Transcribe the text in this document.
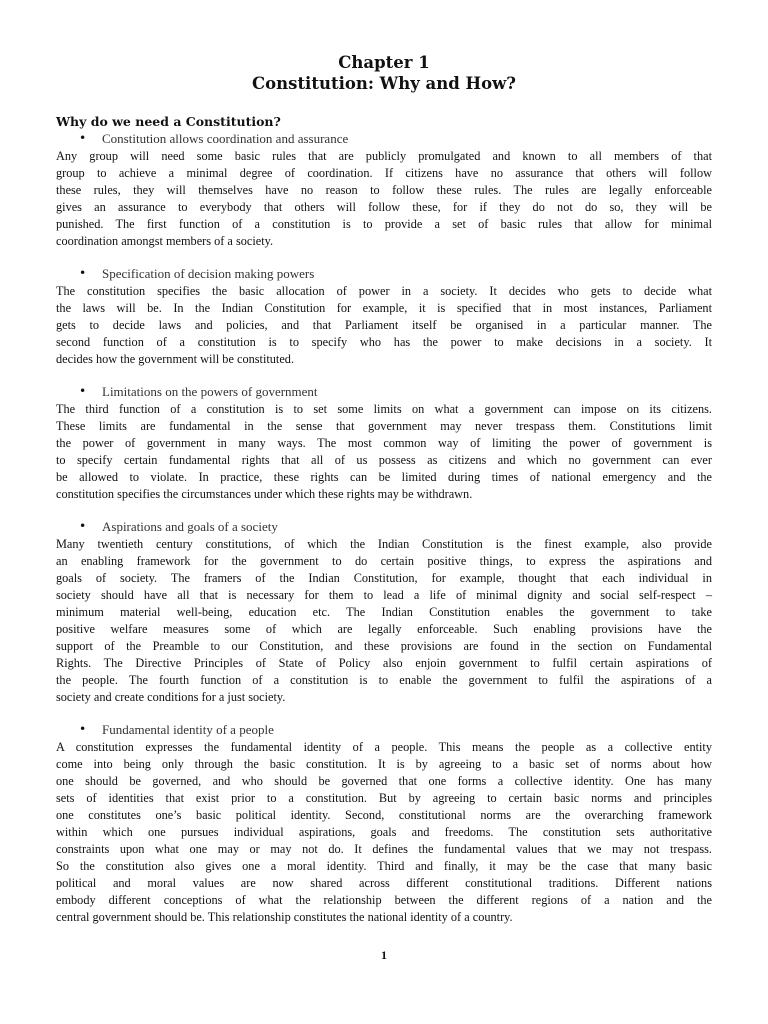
Chapter 1

Constitution: Why and How?

Why do we need a Constitution?

• Constitution allows coordination and assurance

Any group will need some basic rules that are publicly promulgated and known to all members of that
group to achieve a minimal degree of coordination. If citizens have no assurance that others will follow
these rules, they will themselves have no reason to follow these rules. The rules are legally enforceable
gives an assurance to everybody that others will follow these, for if they do not do so, they will be
punished. The first function of a constitution is to provide a set of basic rules that allow for minimal
coordination amongst members of a society.

• Specification of decision making powers

The constitution specifies the basic allocation of power in a society. It decides who gets to decide what
the laws will be. In the Indian Constitution for example, it is specified that in most instances, Parliament
gets to decide laws and policies, and that Parliament itself be organised in a particular manner. The
second function of a constitution is to specify who has the power to make decisions in a society. It
decides how the government will be constituted.

• Limitations on the powers of government

The third function of a constitution is to set some limits on what a government can impose on its citizens.
These limits are fundamental in the sense that government may never trespass them. Constitutions limit
the power of government in many ways. The most common way of limiting the power of government is
to specify certain fundamental rights that all of us possess as citizens and which no government can ever
be allowed to violate. In practice, these rights can be limited during times of national emergency and the
constitution specifies the circumstances under which these rights may be withdrawn.

• Aspirations and goals of a society

Many twentieth century constitutions, of which the Indian Constitution is the finest example, also provide
an enabling framework for the government to do certain positive things, to express the aspirations and
goals of society. The framers of the Indian Constitution, for example, thought that each individual in
society should have all that is necessary for them to lead a life of minimal dignity and social self-respect –
minimum material well-being, education etc. The Indian Constitution enables the government to take
positive welfare measures some of which are legally enforceable. Such enabling provisions have the
support of the Preamble to our Constitution, and these provisions are found in the section on Fundamental
Rights. The Directive Principles of State of Policy also enjoin government to fulfil certain aspirations of
the people. The fourth function of a constitution is to enable the government to fulfil the aspirations of a
society and create conditions for a just society.

• Fundamental identity of a people

A constitution expresses the fundamental identity of a people. This means the people as a collective entity
come into being only through the basic constitution. It is by agreeing to a basic set of norms about how
one should be governed, and who should be governed that one forms a collective identity. One has many
sets of identities that exist prior to a constitution. But by agreeing to certain basic norms and principles
one constitutes one’s basic political identity. Second, constitutional norms are the overarching framework
within which one pursues individual aspirations, goals and freedoms. The constitution sets authoritative
constraints upon what one may or may not do. It defines the fundamental values that we may not trespass.
So the constitution also gives one a moral identity. Third and finally, it may be the case that many basic
political and moral values are now shared across different constitutional traditions. Different nations
embody different conceptions of what the relationship between the different regions of a nation and the
central government should be. This relationship constitutes the national identity of a country.

1
